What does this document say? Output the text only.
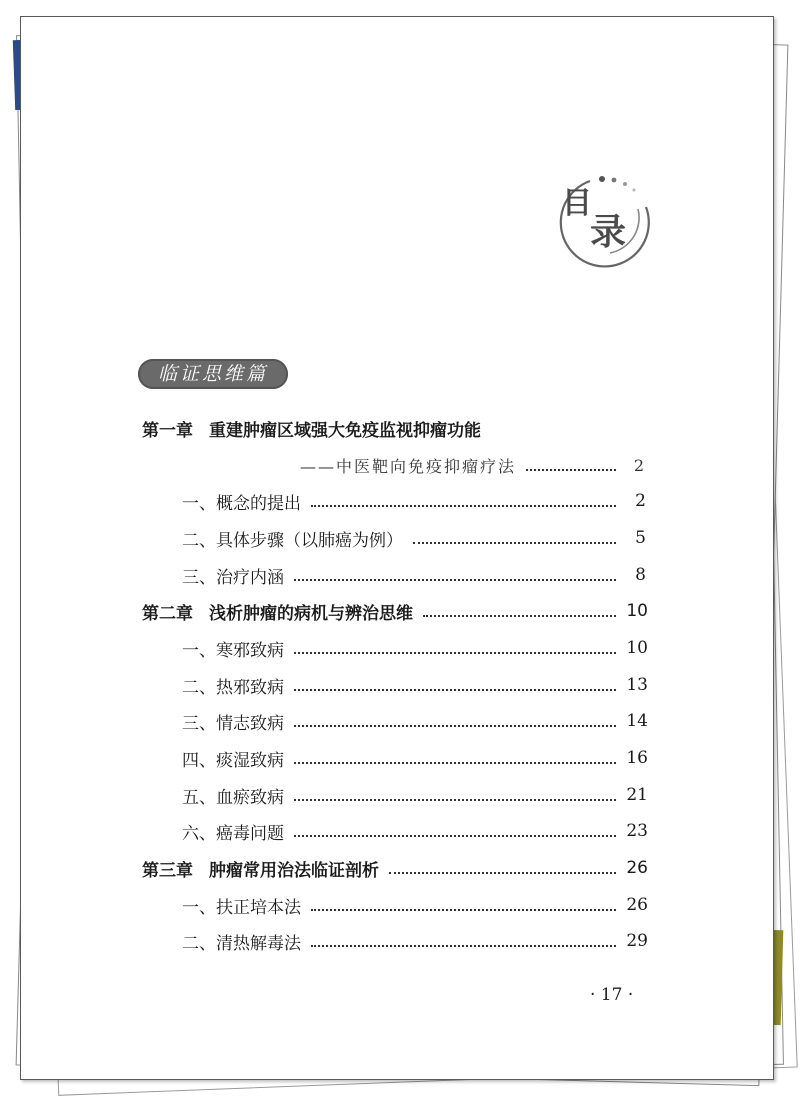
目
录
临证思维篇
第一章 重建肿瘤区域强大免疫监视抑瘤功能
——中医靶向免疫抑瘤疗法	2
一、概念的提出	2
二、具体步骤（以肺癌为例）	5
三、治疗内涵	8
第二章 浅析肿瘤的病机与辨治思维	10
一、寒邪致病	10
二、热邪致病	13
三、情志致病	14
四、痰湿致病	16
五、血瘀致病	21
六、癌毒问题	23
第三章 肿瘤常用治法临证剖析	26
一、扶正培本法	26
二、清热解毒法	29
· 17 ·
